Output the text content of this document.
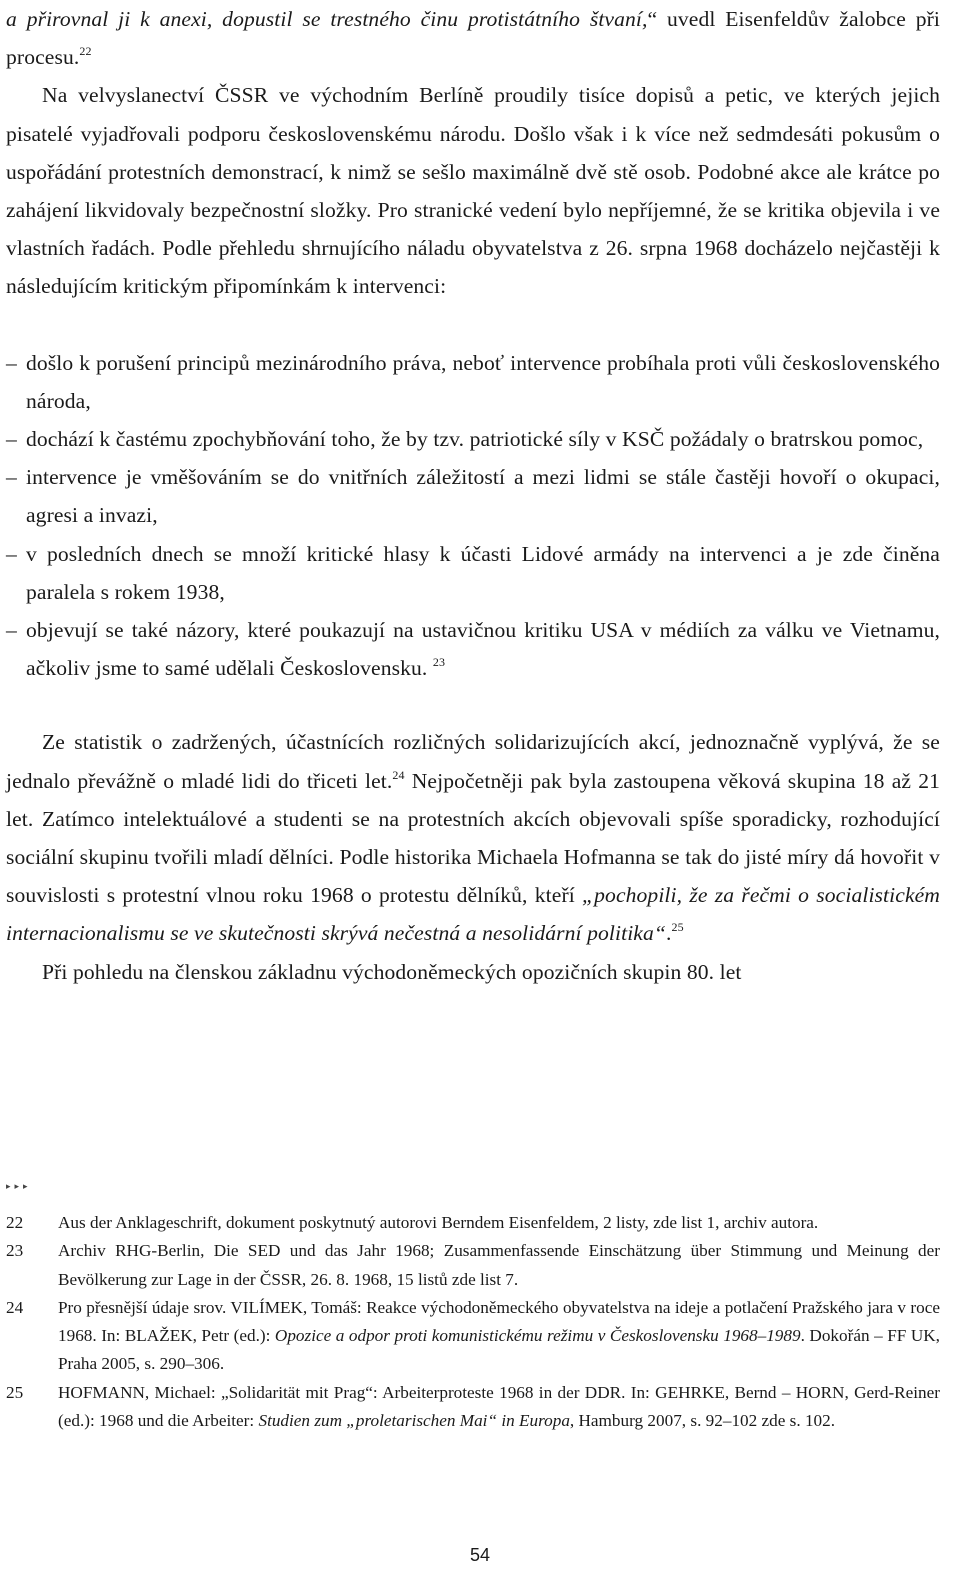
a přirovnal ji k anexi, dopustil se trestného činu protistátního štvaní,“ uvedl Eisenfeldův žalobce při procesu.$^{22}$

Na velvyslanectví ČSSR ve východním Berlíně proudily tisíce dopisů a petic, ve kterých jejich pisatelé vyjadřovali podporu československému národu. Došlo však i k více než sedmdesáti pokusům o uspořádání protestních demonstrací, k nimž se sešlo maximálně dvě stě osob. Podobné akce ale krátce po zahájení likvidovaly bezpečnostní složky. Pro stranické vedení bylo nepříjemné, že se kritika objevila i ve vlastních řadách. Podle přehledu shrnujícího náladu obyvatelstva z 26. srpna 1968 docházelo nejčastěji k následujícím kritickým připomínkám k intervenci:

– došlo k porušení principů mezinárodního práva, neboť intervence probíhala proti vůli československého národa,
– dochází k častému zpochybňování toho, že by tzv. patriotické síly v KSČ požádaly o bratrskou pomoc,
– intervence je vměšováním se do vnitřních záležitostí a mezi lidmi se stále častěji hovoří o okupaci, agresi a invazi,
– v posledních dnech se množí kritické hlasy k účasti Lidové armády na intervenci a je zde činěna paralela s rokem 1938,
– objevují se také názory, které poukazují na ustavičnou kritiku USA v médiích za válku ve Vietnamu, ačkoliv jsme to samé udělali Československu. $^{23}$

Ze statistik o zadržených, účastnících rozličných solidarizujících akcí, jednoznačně vyplývá, že se jednalo převážně o mladé lidi do třiceti let.$^{24}$ Nejpočetněji pak byla zastoupena věková skupina 18 až 21 let. Zatímco intelektuálové a studenti se na protestních akcích objevovali spíše sporadicky, rozhodující sociální skupinu tvořili mladí dělníci. Podle historika Michaela Hofmanna se tak do jisté míry dá hovořit v souvislosti s protestní vlnou roku 1968 o protestu dělníků, kteří „pochopili, že za řečmi o socialistickém internacionalismu se ve skutečnosti skrývá nečestná a nesolidární politika“.$^{25}$

Při pohledu na členskou základnu východoněmeckých opozičních skupin 80. let

▸▸▸
22 Aus der Anklageschrift, dokument poskytnutý autorovi Berndem Eisenfeldem, 2 listy, zde list 1, archiv autora.
23 Archiv RHG-Berlin, Die SED und das Jahr 1968; Zusammenfassende Einschätzung über Stimmung und Meinung der Bevölkerung zur Lage in der ČSSR, 26. 8. 1968, 15 listů zde list 7.
24 Pro přesnější údaje srov. VILÍMEK, Tomáš: Reakce východoněmeckého obyvatelstva na ideje a potlačení Pražského jara v roce 1968. In: BLAŽEK, Petr (ed.): Opozice a odpor proti komunistickému režimu v Československu 1968–1989. Dokořán – FF UK, Praha 2005, s. 290–306.
25 HOFMANN, Michael: „Solidarität mit Prag“: Arbeiterproteste 1968 in der DDR. In: GEHRKE, Bernd – HORN, Gerd-Reiner (ed.): 1968 und die Arbeiter: Studien zum „proletarischen Mai“ in Europa, Hamburg 2007, s. 92–102 zde s. 102.
54
